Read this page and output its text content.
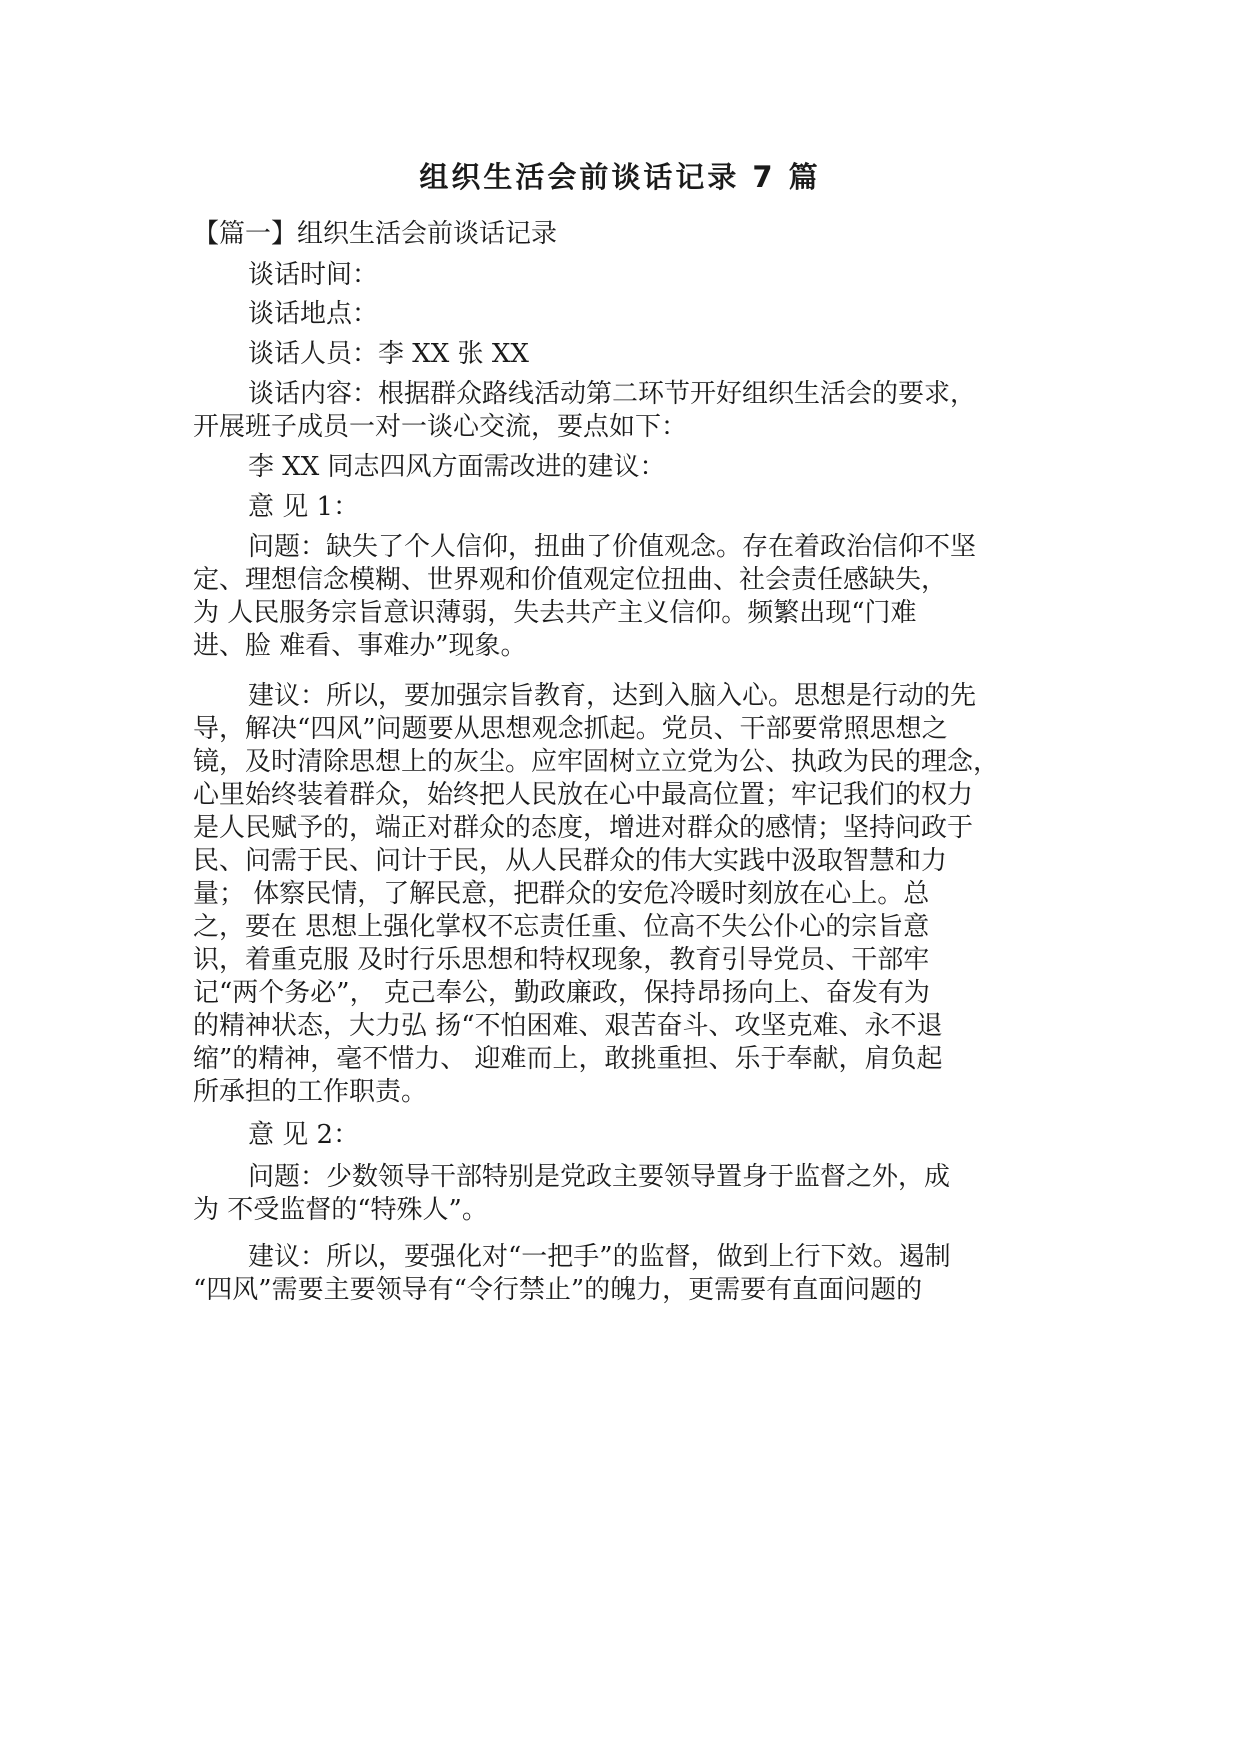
组织生活会前谈话记录 7 篇

【篇一】组织生活会前谈话记录

谈话时间：

谈话地点：

谈话人员：李 XX 张 XX

谈话内容：根据群众路线活动第二环节开好组织生活会的要求，

开展班子成员一对一谈心交流，要点如下：

李 XX 同志四风方面需改进的建议：

意 见 1：

问题：缺失了个人信仰，扭曲了价值观念。存在着政治信仰不坚

定、理想信念模糊、世界观和价值观定位扭曲、社会责任感缺失，

为 人民服务宗旨意识薄弱，失去共产主义信仰。频繁出现“门难

进、脸 难看、事难办”现象。

建议：所以，要加强宗旨教育，达到入脑入心。思想是行动的先

导，解决“四风”问题要从思想观念抓起。党员、干部要常照思想之

镜，及时清除思想上的灰尘。应牢固树立立党为公、执政为民的理念，

心里始终装着群众，始终把人民放在心中最高位置；牢记我们的权力

是人民赋予的，端正对群众的态度，增进对群众的感情；坚持问政于

民、问需于民、问计于民，从人民群众的伟大实践中汲取智慧和力

量； 体察民情，了解民意，把群众的安危冷暖时刻放在心上。总

之，要在 思想上强化掌权不忘责任重、位高不失公仆心的宗旨意

识，着重克服 及时行乐思想和特权现象，教育引导党员、干部牢

记“两个务必”， 克己奉公，勤政廉政，保持昂扬向上、奋发有为

的精神状态，大力弘 扬“不怕困难、艰苦奋斗、攻坚克难、永不退

缩”的精神，毫不惜力、 迎难而上，敢挑重担、乐于奉献，肩负起

所承担的工作职责。

意 见 2：

问题：少数领导干部特别是党政主要领导置身于监督之外，成

为 不受监督的“特殊人”。

建议：所以，要强化对“一把手”的监督，做到上行下效。遏制

“四风”需要主要领导有“令行禁止”的魄力，更需要有直面问题的
